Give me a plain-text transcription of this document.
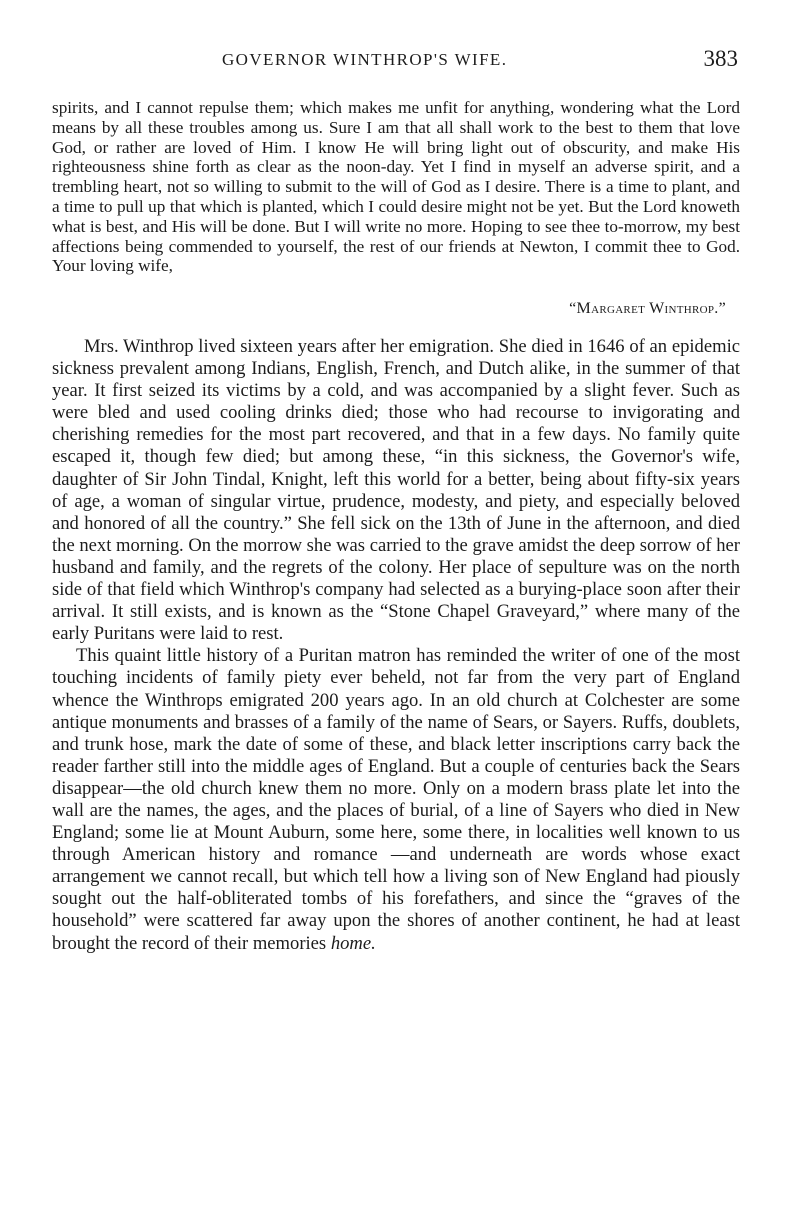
GOVERNOR WINTHROP'S WIFE.	383

spirits, and I cannot repulse them; which makes me unfit for anything, wondering what the Lord means by all these troubles among us. Sure I am that all shall work to the best to them that love God, or rather are loved of Him. I know He will bring light out of obscurity, and make His righteousness shine forth as clear as the noon-day. Yet I find in myself an adverse spirit, and a trembling heart, not so willing to submit to the will of God as I desire. There is a time to plant, and a time to pull up that which is planted, which I could desire might not be yet. But the Lord knoweth what is best, and His will be done. But I will write no more. Hoping to see thee to-morrow, my best affections being commended to yourself, the rest of our friends at Newton, I commit thee to God. Your loving wife,

“Margaret Winthrop.”

Mrs. Winthrop lived sixteen years after her emigration. She died in 1646 of an epidemic sickness prevalent among Indians, English, French, and Dutch alike, in the summer of that year. It first seized its victims by a cold, and was accompanied by a slight fever. Such as were bled and used cooling drinks died; those who had recourse to invigorating and cherishing remedies for the most part recovered, and that in a few days. No family quite escaped it, though few died; but among these, “in this sickness, the Governor's wife, daughter of Sir John Tindal, Knight, left this world for a better, being about fifty-six years of age, a woman of singular virtue, prudence, modesty, and piety, and especially beloved and honored of all the country.” She fell sick on the 13th of June in the afternoon, and died the next morning. On the morrow she was carried to the grave amidst the deep sorrow of her husband and family, and the regrets of the colony. Her place of sepulture was on the north side of that field which Winthrop's company had selected as a burying-place soon after their arrival. It still exists, and is known as the “Stone Chapel Graveyard,” where many of the early Puritans were laid to rest.

This quaint little history of a Puritan matron has reminded the writer of one of the most touching incidents of family piety ever beheld, not far from the very part of England whence the Winthrops emigrated 200 years ago. In an old church at Colchester are some antique monuments and brasses of a family of the name of Sears, or Sayers. Ruffs, doublets, and trunk hose, mark the date of some of these, and black letter inscriptions carry back the reader farther still into the middle ages of England. But a couple of centuries back the Sears disappear—the old church knew them no more. Only on a modern brass plate let into the wall are the names, the ages, and the places of burial, of a line of Sayers who died in New England; some lie at Mount Auburn, some here, some there, in localities well known to us through American history and romance —and underneath are words whose exact arrangement we cannot recall, but which tell how a living son of New England had piously sought out the half-obliterated tombs of his forefathers, and since the “graves of the household” were scattered far away upon the shores of another continent, he had at least brought the record of their memories home.
